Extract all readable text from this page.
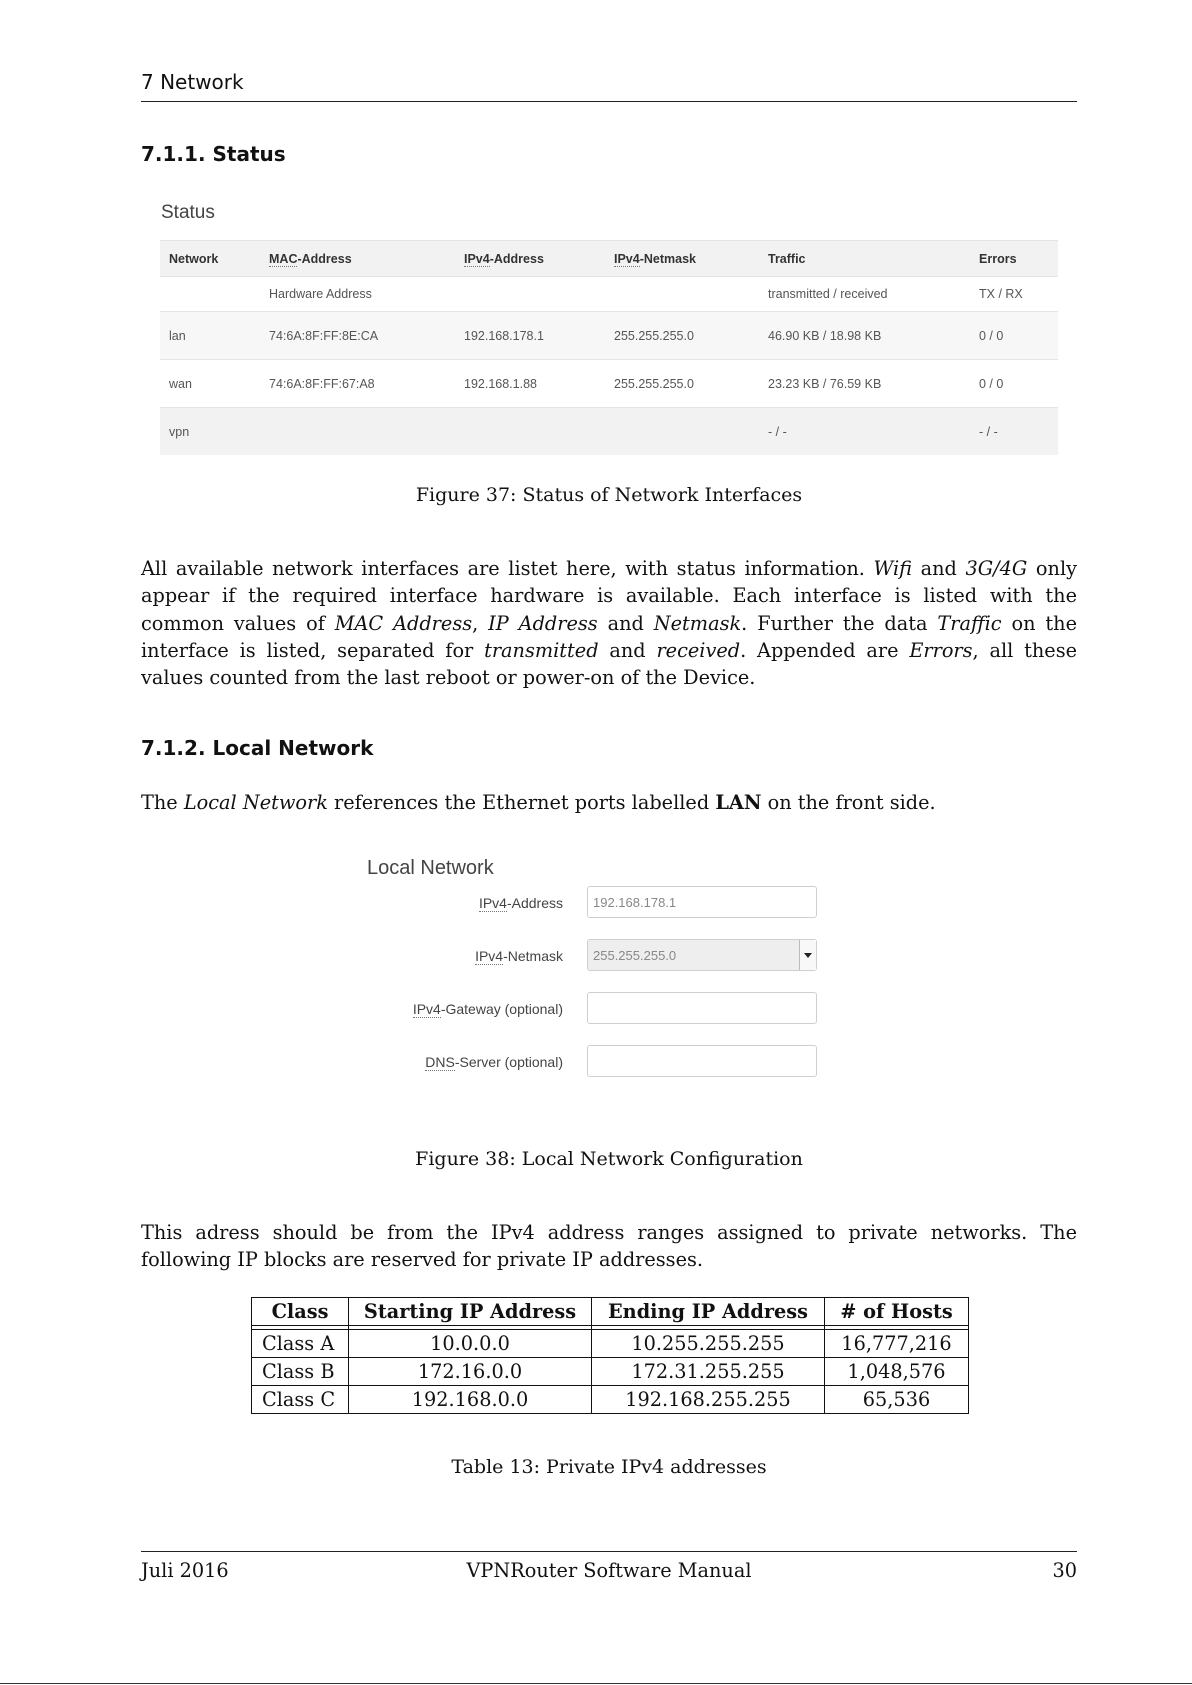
7 Network
7.1.1. Status
Status
Network	MAC-Address	IPv4-Address	IPv4-Netmask	Traffic	Errors
	Hardware Address			transmitted / received	TX / RX
lan	74:6A:8F:FF:8E:CA	192.168.178.1	255.255.255.0	46.90 KB / 18.98 KB	0 / 0
wan	74:6A:8F:FF:67:A8	192.168.1.88	255.255.255.0	23.23 KB / 76.59 KB	0 / 0
vpn				- / -	- / -
Figure 37: Status of Network Interfaces
All available network interfaces are listet here, with status information. Wifi and 3G/4G only appear if the required interface hardware is available. Each interface is listed with the common values of MAC Address, IP Address and Netmask. Further the data Traffic on the interface is listed, separated for transmitted and received. Appended are Errors, all these values counted from the last reboot or power-on of the Device.
7.1.2. Local Network
The Local Network references the Ethernet ports labelled LAN on the front side.
Local Network
IPv4-Address	192.168.178.1
IPv4-Netmask	255.255.255.0
IPv4-Gateway (optional)
DNS-Server (optional)
Figure 38: Local Network Configuration
This adress should be from the IPv4 address ranges assigned to private networks. The following IP blocks are reserved for private IP addresses.
Class	Starting IP Address	Ending IP Address	# of Hosts

Class A	10.0.0.0	10.255.255.255	16,777,216
Class B	172.16.0.0	172.31.255.255	1,048,576
Class C	192.168.0.0	192.168.255.255	65,536
Table 13: Private IPv4 addresses
Juli 2016	VPNRouter Software Manual	30
